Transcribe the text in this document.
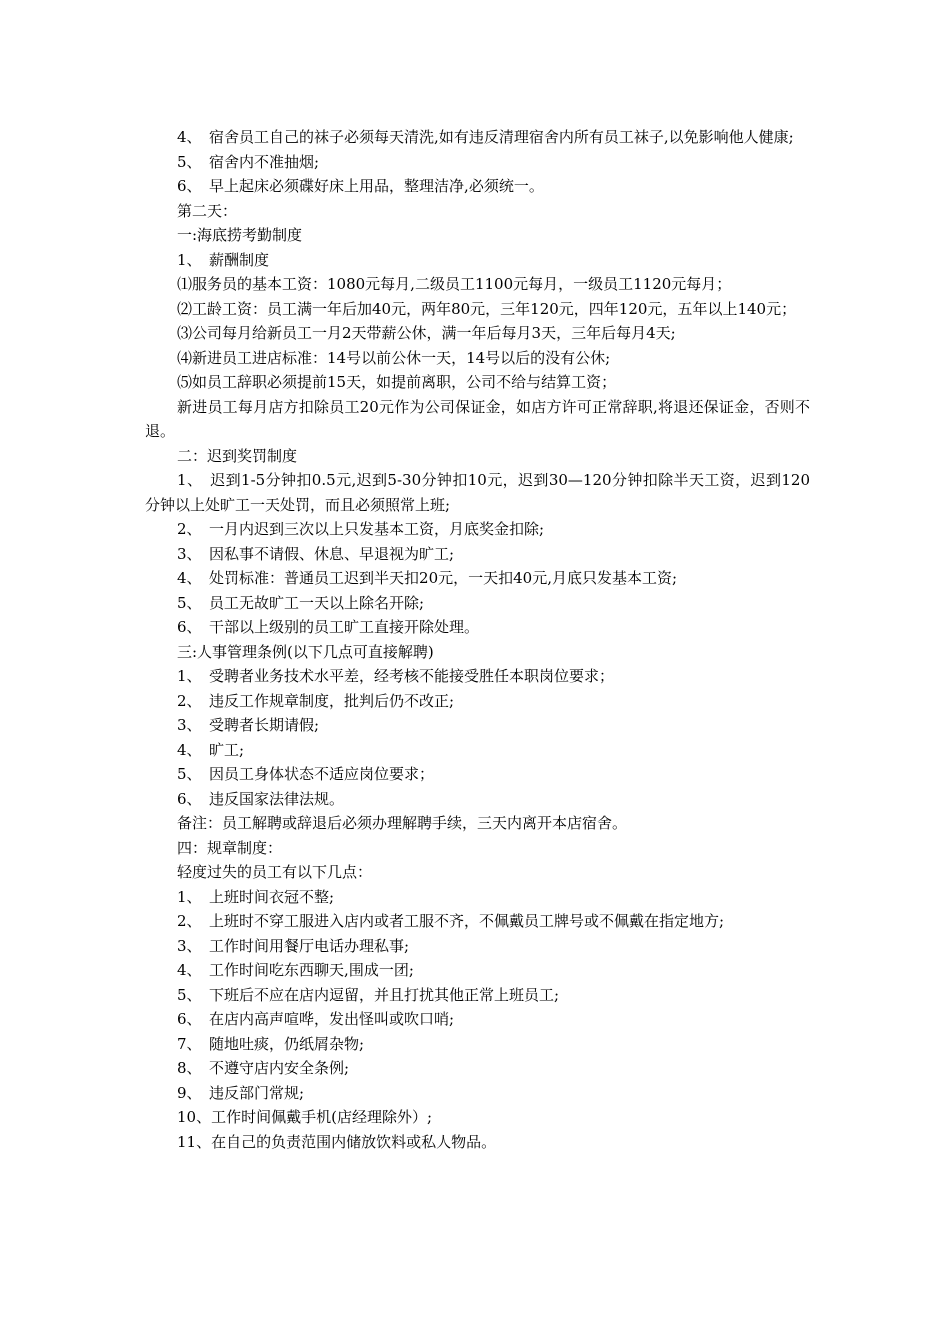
4、　宿舍员工自己的袜子必须每天清洗,如有违反清理宿舍内所有员工袜子,以免影响他人健康;
5、　宿舍内不准抽烟;
6、　早上起床必须碟好床上用品，整理洁净,必须统一。
第二天：
一:海底捞考勤制度
1、　薪酬制度
⑴服务员的基本工资：1080元每月,二级员工1100元每月，一级员工1120元每月；
⑵工龄工资：员工满一年后加40元，两年80元，三年120元，四年120元，五年以上140元；
⑶公司每月给新员工一月2天带薪公休，满一年后每月3天，三年后每月4天;
⑷新进员工进店标准：14号以前公休一天，14号以后的没有公休;
⑸如员工辞职必须提前15天，如提前离职，公司不给与结算工资；
新进员工每月店方扣除员工20元作为公司保证金，如店方许可正常辞职,将退还保证金，否则不退。
二：迟到奖罚制度
1、　迟到1-5分钟扣0.5元,迟到5-30分钟扣10元，迟到30—120分钟扣除半天工资，迟到120分钟以上处旷工一天处罚，而且必须照常上班;
2、　一月内迟到三次以上只发基本工资，月底奖金扣除;
3、　因私事不请假、休息、早退视为旷工;
4、　处罚标准：普通员工迟到半天扣20元，一天扣40元,月底只发基本工资;
5、　员工无故旷工一天以上除名开除;
6、　干部以上级别的员工旷工直接开除处理。
三:人事管理条例(以下几点可直接解聘)
1、　受聘者业务技术水平差，经考核不能接受胜任本职岗位要求；
2、　违反工作规章制度，批判后仍不改正;
3、　受聘者长期请假;
4、　旷工;
5、　因员工身体状态不适应岗位要求；
6、　违反国家法律法规。
备注：员工解聘或辞退后必须办理解聘手续，三天内离开本店宿舍。
四：规章制度：
轻度过失的员工有以下几点：
1、　上班时间衣冠不整;
2、　上班时不穿工服进入店内或者工服不齐，不佩戴员工牌号或不佩戴在指定地方;
3、　工作时间用餐厅电话办理私事;
4、　工作时间吃东西聊天,围成一团;
5、　下班后不应在店内逗留，并且打扰其他正常上班员工;
6、　在店内高声喧哗，发出怪叫或吹口哨;
7、　随地吐痰，仍纸屑杂物;
8、　不遵守店内安全条例;
9、　违反部门常规;
10、工作时间佩戴手机(店经理除外）;
11、在自己的负责范围内储放饮料或私人物品。
